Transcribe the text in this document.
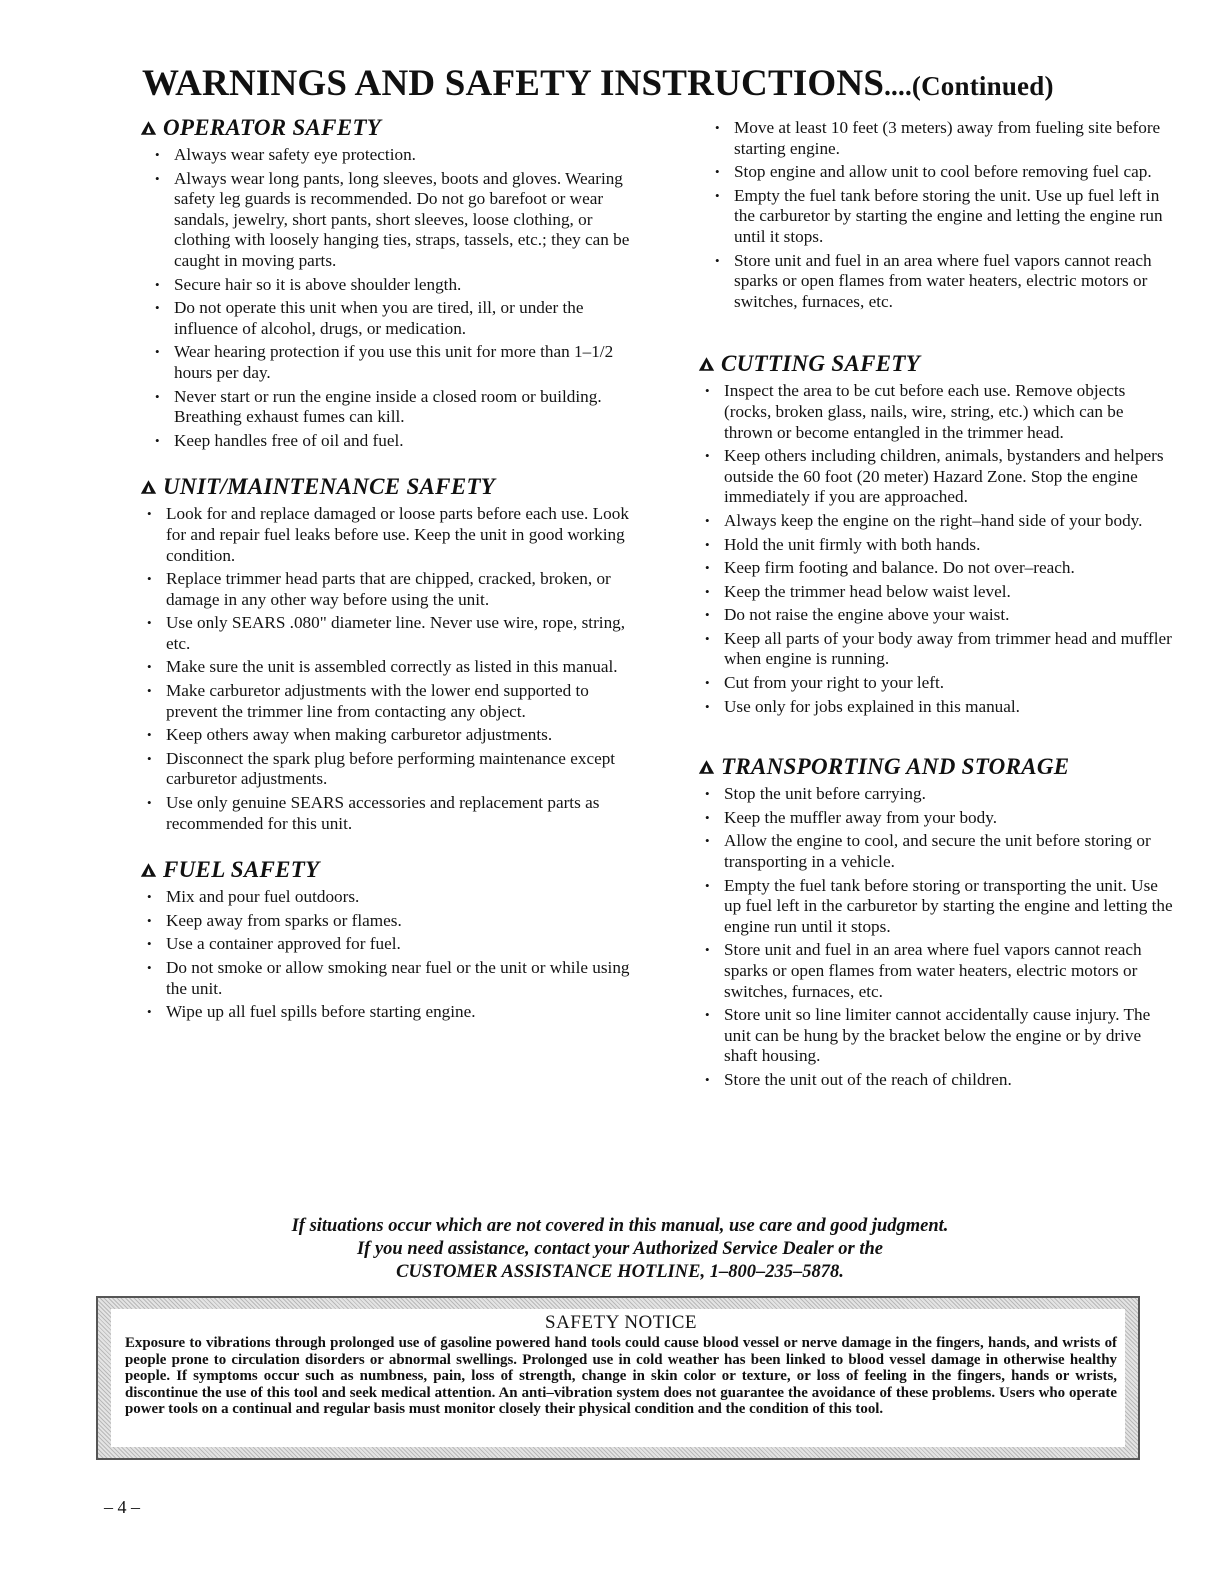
WARNINGS AND SAFETY INSTRUCTIONS....(Continued)
OPERATOR SAFETY
• Always wear safety eye protection.
• Always wear long pants, long sleeves, boots and gloves. Wearing safety leg guards is recommended. Do not go barefoot or wear sandals, jewelry, short pants, short sleeves, loose clothing, or clothing with loosely hanging ties, straps, tassels, etc.; they can be caught in moving parts.
• Secure hair so it is above shoulder length.
• Do not operate this unit when you are tired, ill, or under the influence of alcohol, drugs, or medication.
• Wear hearing protection if you use this unit for more than 1–1/2 hours per day.
• Never start or run the engine inside a closed room or building. Breathing exhaust fumes can kill.
• Keep handles free of oil and fuel.
UNIT/MAINTENANCE SAFETY
• Look for and replace damaged or loose parts before each use. Look for and repair fuel leaks before use. Keep the unit in good working condition.
• Replace trimmer head parts that are chipped, cracked, broken, or damage in any other way before using the unit.
• Use only SEARS .080" diameter line. Never use wire, rope, string, etc.
• Make sure the unit is assembled correctly as listed in this manual.
• Make carburetor adjustments with the lower end supported to prevent the trimmer line from contacting any object.
• Keep others away when making carburetor adjustments.
• Disconnect the spark plug before performing maintenance except carburetor adjustments.
• Use only genuine SEARS accessories and replacement parts as recommended for this unit.
FUEL SAFETY
• Mix and pour fuel outdoors.
• Keep away from sparks or flames.
• Use a container approved for fuel.
• Do not smoke or allow smoking near fuel or the unit or while using the unit.
• Wipe up all fuel spills before starting engine.
• Move at least 10 feet (3 meters) away from fueling site before starting engine.
• Stop engine and allow unit to cool before removing fuel cap.
• Empty the fuel tank before storing the unit. Use up fuel left in the carburetor by starting the engine and letting the engine run until it stops.
• Store unit and fuel in an area where fuel vapors cannot reach sparks or open flames from water heaters, electric motors or switches, furnaces, etc.
CUTTING SAFETY
• Inspect the area to be cut before each use. Remove objects (rocks, broken glass, nails, wire, string, etc.) which can be thrown or become entangled in the trimmer head.
• Keep others including children, animals, bystanders and helpers outside the 60 foot (20 meter) Hazard Zone. Stop the engine immediately if you are approached.
• Always keep the engine on the right–hand side of your body.
• Hold the unit firmly with both hands.
• Keep firm footing and balance. Do not over–reach.
• Keep the trimmer head below waist level.
• Do not raise the engine above your waist.
• Keep all parts of your body away from trimmer head and muffler when engine is running.
• Cut from your right to your left.
• Use only for jobs explained in this manual.
TRANSPORTING AND STORAGE
• Stop the unit before carrying.
• Keep the muffler away from your body.
• Allow the engine to cool, and secure the unit before storing or transporting in a vehicle.
• Empty the fuel tank before storing or transporting the unit. Use up fuel left in the carburetor by starting the engine and letting the engine run until it stops.
• Store unit and fuel in an area where fuel vapors cannot reach sparks or open flames from water heaters, electric motors or switches, furnaces, etc.
• Store unit so line limiter cannot accidentally cause injury. The unit can be hung by the bracket below the engine or by drive shaft housing.
• Store the unit out of the reach of children.
If situations occur which are not covered in this manual, use care and good judgment.
If you need assistance, contact your Authorized Service Dealer or the
CUSTOMER ASSISTANCE HOTLINE, 1–800–235–5878.
SAFETY NOTICE
Exposure to vibrations through prolonged use of gasoline powered hand tools could cause blood vessel or nerve damage in the fingers, hands, and wrists of people prone to circulation disorders or abnormal swellings. Prolonged use in cold weather has been linked to blood vessel damage in otherwise healthy people. If symptoms occur such as numbness, pain, loss of strength, change in skin color or texture, or loss of feeling in the fingers, hands or wrists, discontinue the use of this tool and seek medical attention. An anti–vibration system does not guarantee the avoidance of these problems. Users who operate power tools on a continual and regular basis must monitor closely their physical condition and the condition of this tool.
– 4 –
